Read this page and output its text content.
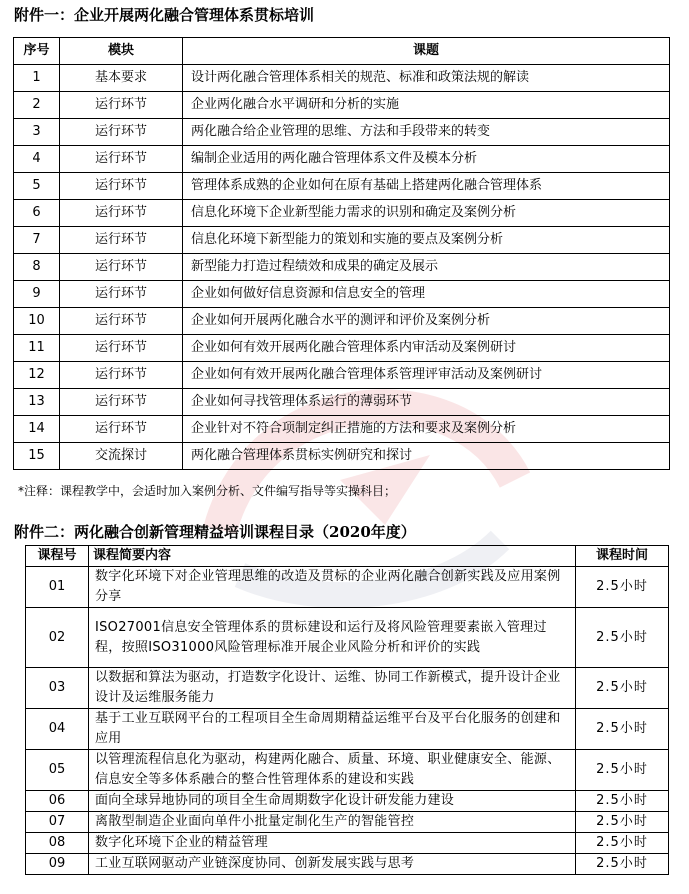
附件一：企业开展两化融合管理体系贯标培训
序号	模块	课题
1	基本要求	设计两化融合管理体系相关的规范、标准和政策法规的解读
2	运行环节	企业两化融合水平调研和分析的实施
3	运行环节	两化融合给企业管理的思维、方法和手段带来的转变
4	运行环节	编制企业适用的两化融合管理体系文件及模本分析
5	运行环节	管理体系成熟的企业如何在原有基础上搭建两化融合管理体系
6	运行环节	信息化环境下企业新型能力需求的识别和确定及案例分析
7	运行环节	信息化环境下新型能力的策划和实施的要点及案例分析
8	运行环节	新型能力打造过程绩效和成果的确定及展示
9	运行环节	企业如何做好信息资源和信息安全的管理
10	运行环节	企业如何开展两化融合水平的测评和评价及案例分析
11	运行环节	企业如何有效开展两化融合管理体系内审活动及案例研讨
12	运行环节	企业如何有效开展两化融合管理体系管理评审活动及案例研讨
13	运行环节	企业如何寻找管理体系运行的薄弱环节
14	运行环节	企业针对不符合项制定纠正措施的方法和要求及案例分析
15	交流探讨	两化融合管理体系贯标实例研究和探讨
*注释：课程教学中，会适时加入案例分析、文件编写指导等实操科目；
附件二：两化融合创新管理精益培训课程目录（2020年度）
课程号	课程简要内容	课程时间
01	数字化环境下对企业管理思维的改造及贯标的企业两化融合创新实践及应用案例分享	2.5小时
02	ISO27001信息安全管理体系的贯标建设和运行及将风险管理要素嵌入管理过程，按照ISO31000风险管理标准开展企业风险分析和评价的实践	2.5小时
03	以数据和算法为驱动，打造数字化设计、运维、协同工作新模式，提升设计企业设计及运维服务能力	2.5小时
04	基于工业互联网平台的工程项目全生命周期精益运维平台及平台化服务的创建和应用	2.5小时
05	以管理流程信息化为驱动，构建两化融合、质量、环境、职业健康安全、能源、信息安全等多体系融合的整合性管理体系的建设和实践	2.5小时
06	面向全球异地协同的项目全生命周期数字化设计研发能力建设	2.5小时
07	离散型制造企业面向单件小批量定制化生产的智能管控	2.5小时
08	数字化环境下企业的精益管理	2.5小时
09	工业互联网驱动产业链深度协同、创新发展实践与思考	2.5小时
